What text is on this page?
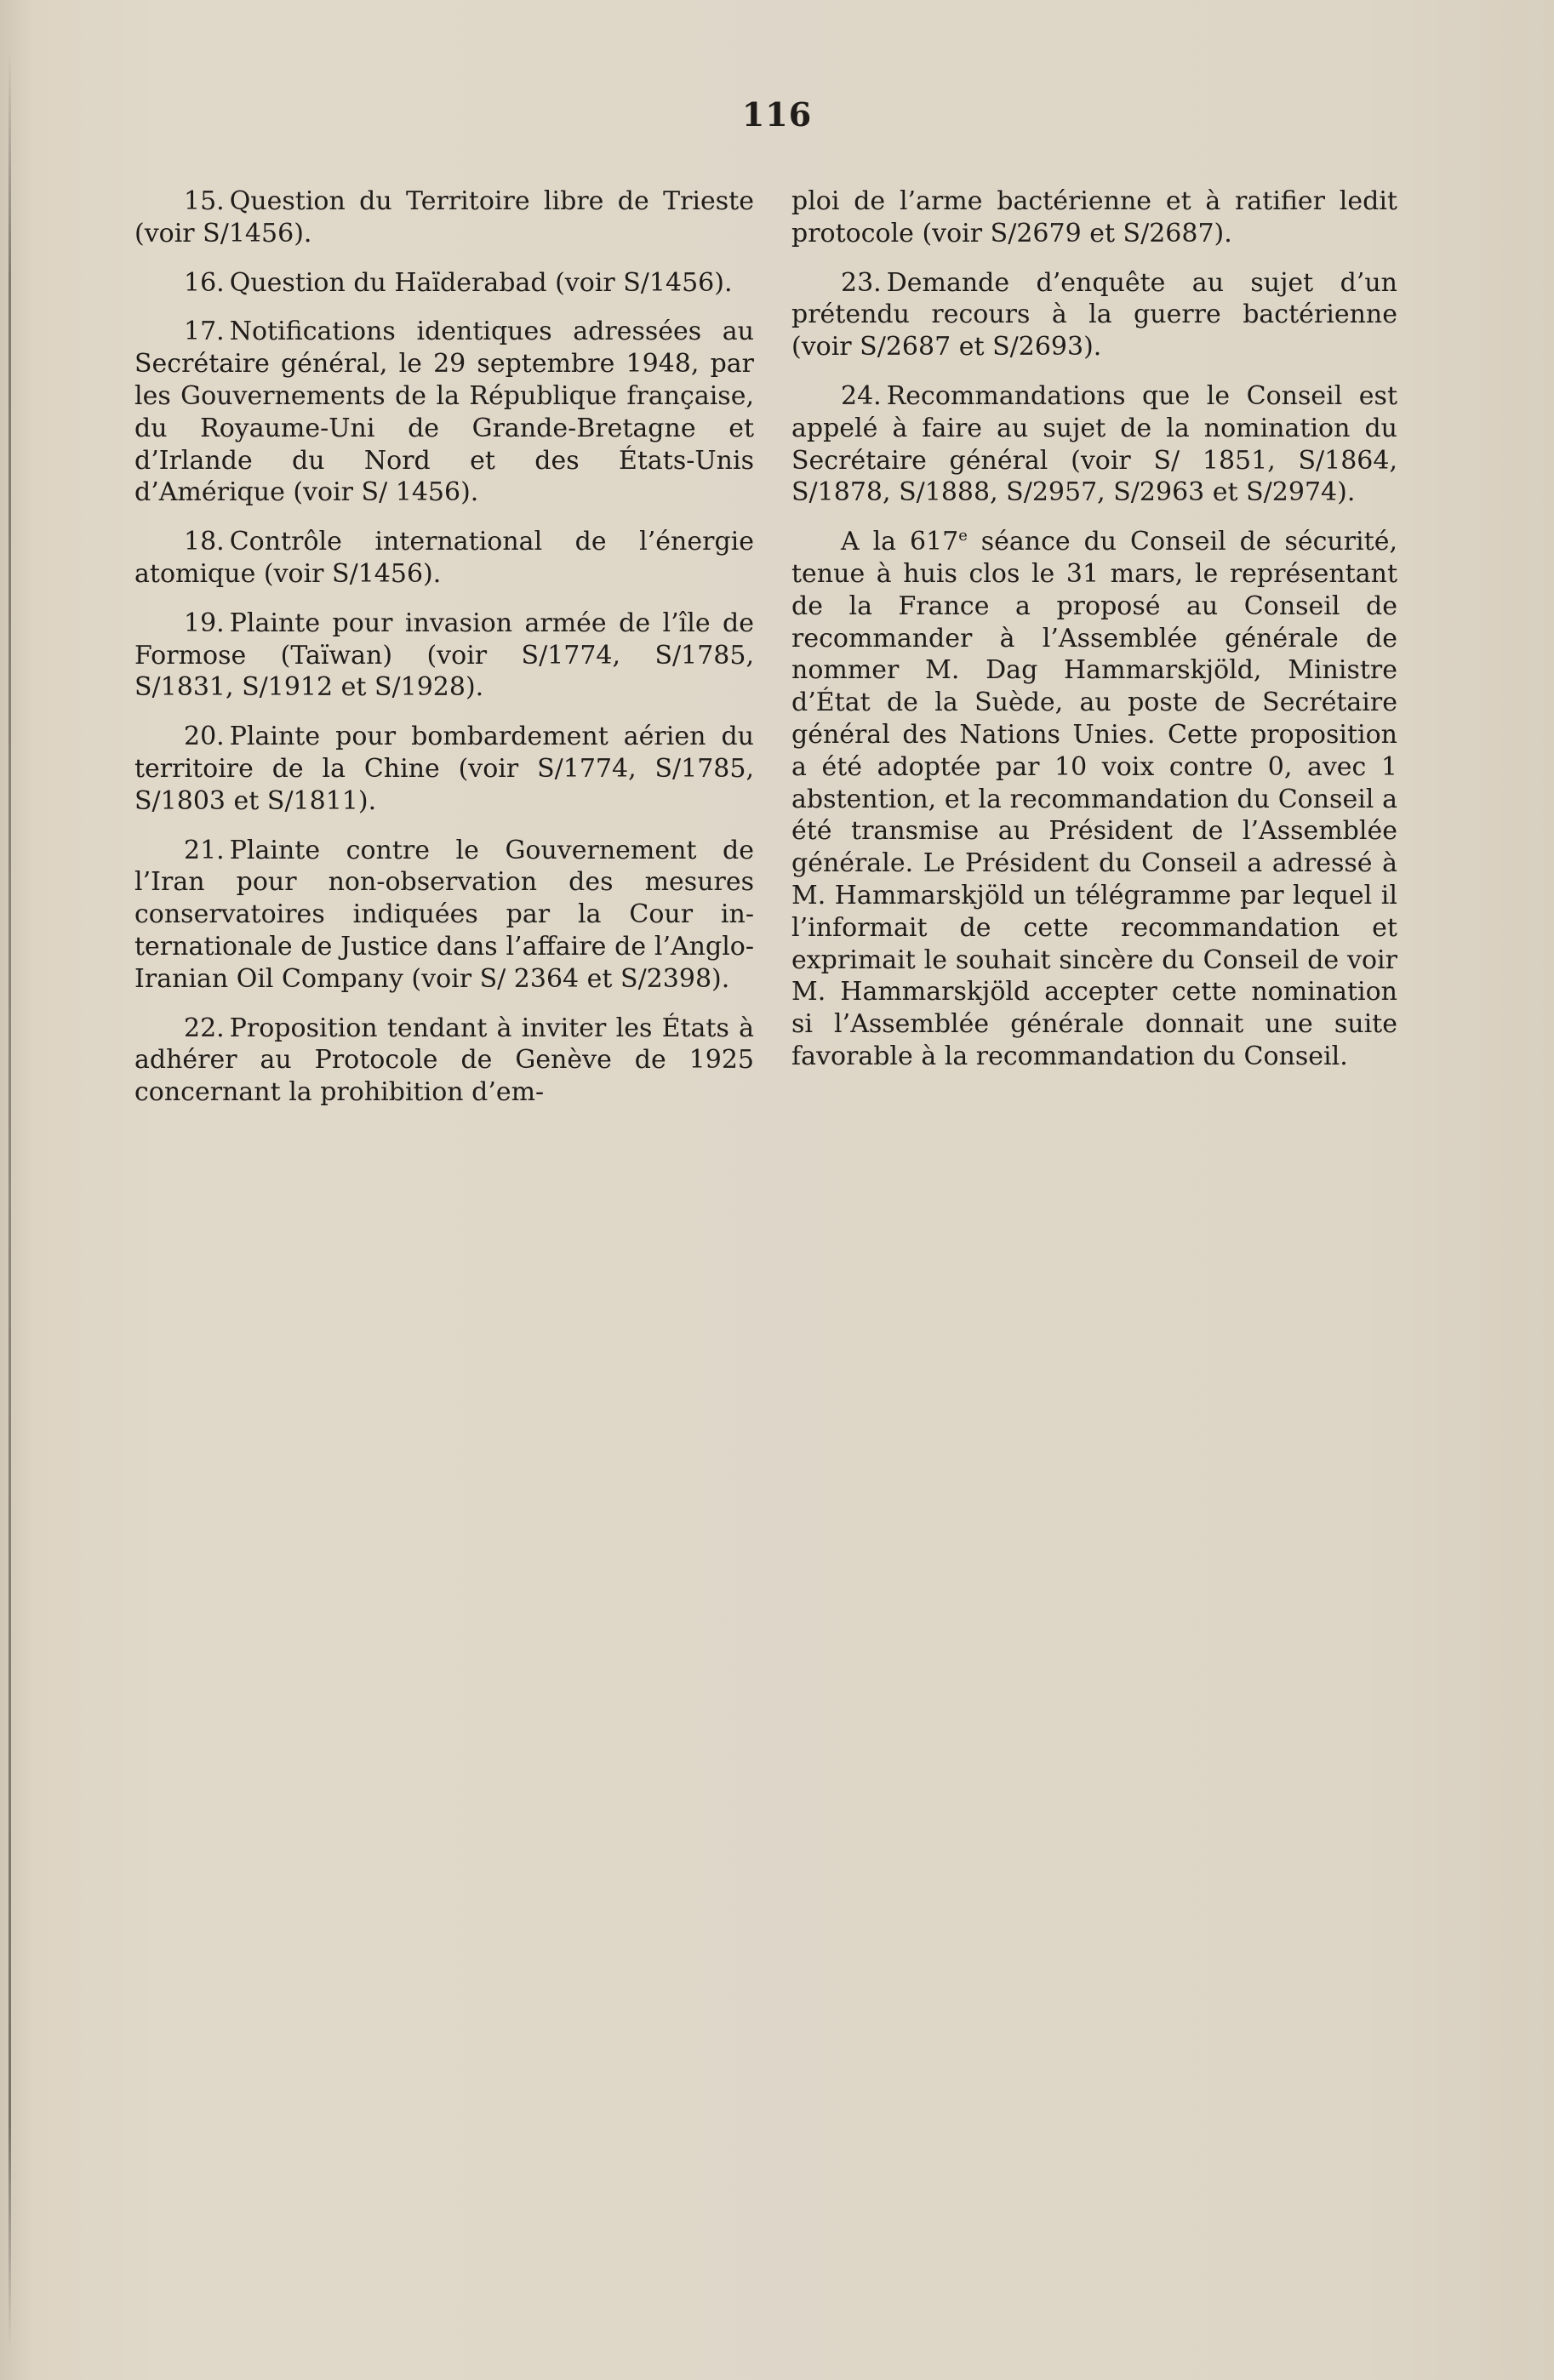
116

15. Question du Territoire libre de Trieste (voir S/1456).

16. Question du Haïderabad (voir S/1456).

17. Notifications identiques adressées au Secrétaire général, le 29 septembre 1948, par les Gouvernements de la République française, du Royaume-Uni de Grande-Bretagne et d’Irlande du Nord et des États-Unis d’Amérique (voir S/ 1456).

18. Contrôle international de l’énergie atomique (voir S/1456).

19. Plainte pour invasion armée de l’île de Formose (Taïwan) (voir S/1774, S/1785, S/1831, S/1912 et S/1928).

20. Plainte pour bombardement aérien du territoire de la Chine (voir S/1774, S/1785, S/1803 et S/1811).

21. Plainte contre le Gouvernement de l’Iran pour non-observation des mesures conservatoires indiquées par la Cour internationale de Justice dans l’affaire de l’Anglo-Iranian Oil Company (voir S/ 2364 et S/2398).

22. Proposition tendant à inviter les États à adhérer au Protocole de Genève de 1925 concernant la prohibition d’em-

ploi de l’arme bactérienne et à ratifier ledit protocole (voir S/2679 et S/2687).

23. Demande d’enquête au sujet d’un prétendu recours à la guerre bactérienne (voir S/2687 et S/2693).

24. Recommandations que le Conseil est appelé à faire au sujet de la nomination du Secrétaire général (voir S/ 1851, S/1864, S/1878, S/1888, S/2957, S/2963 et S/2974).

A la 617e séance du Conseil de sécurité, tenue à huis clos le 31 mars, le représentant de la France a proposé au Conseil de recommander à l’Assemblée générale de nommer M. Dag Hammarskjöld, Ministre d’État de la Suède, au poste de Secrétaire général des Nations Unies. Cette proposition a été adoptée par 10 voix contre 0, avec 1 abstention, et la recommandation du Conseil a été transmise au Président de l’Assemblée générale. Le Président du Conseil a adressé à M. Hammarskjöld un télégramme par lequel il l’informait de cette recommandation et exprimait le souhait sincère du Conseil de voir M. Hammarskjöld accepter cette nomination si l’Assemblée générale donnait une suite favorable à la recommandation du Conseil.
